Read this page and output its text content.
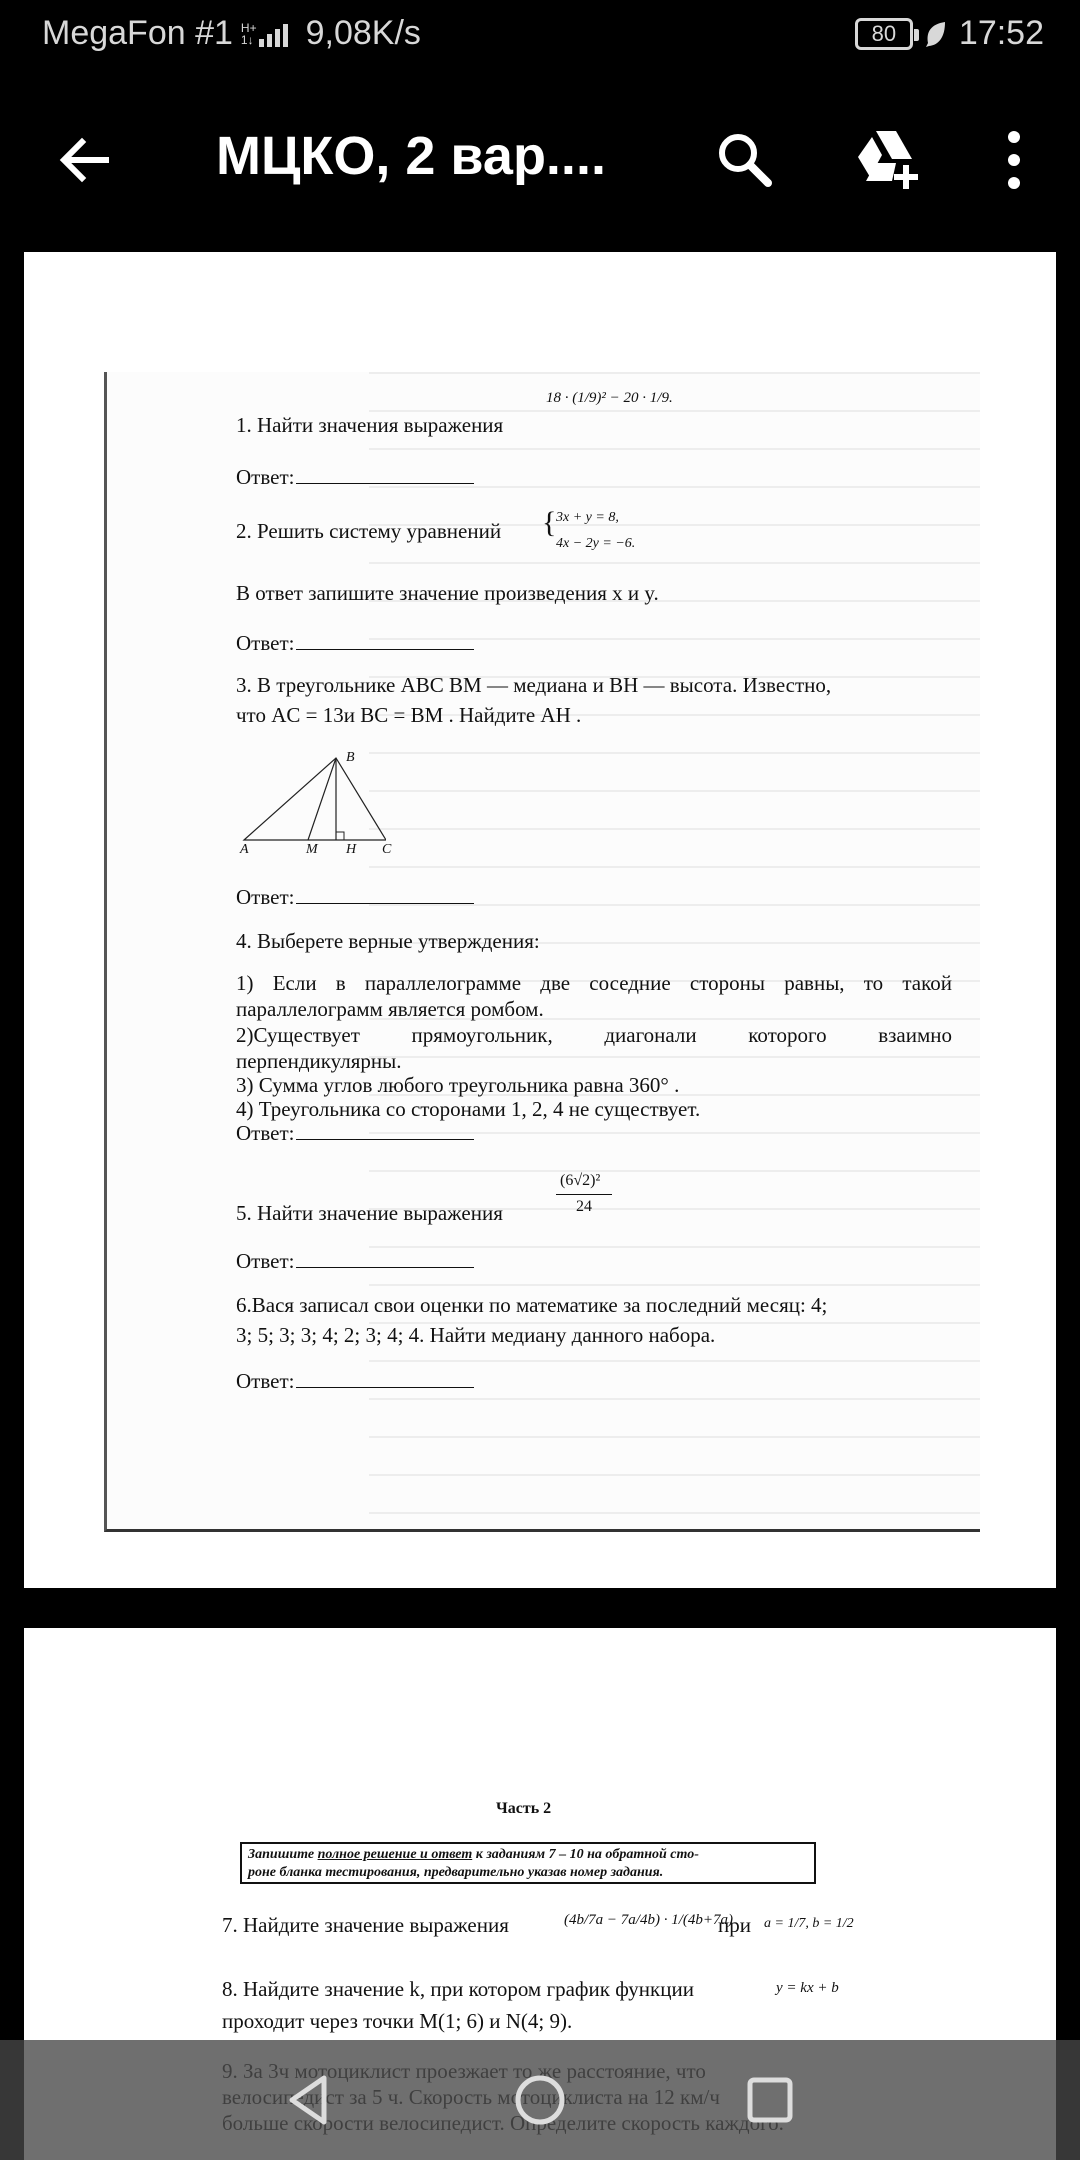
MegaFon #1 H+
1↓ 9,08K/s	80	17:52
МЦКО, 2 вар....
1. Найти значения выражения
18 · (1/9)² − 20 · 1/9.
Ответ:
2. Решить систему уравнений { 3x + y = 8,
4x − 2y = −6.
В ответ запишите значение произведения x и y.
Ответ:
3. В треугольнике ABC BM — медиана и BH — высота. Известно,
что AC = 13и BC = BM . Найдите AH .
B
A	M H C
Ответ:
4. Выберете верные утверждения:
1) Если в параллелограмме две соседние стороны равны, то такой
параллелограмм является ромбом.
2)Существует прямоугольник, диагонали которого взаимно
перпендикулярны.
3) Сумма углов любого треугольника равна 360° .
4) Треугольника со сторонами 1, 2, 4 не существует.
Ответ:
5. Найти значение выражения
(6√2)²
24
Ответ:
6.Вася записал свои оценки по математике за последний месяц: 4;
3; 5; 3; 3; 4; 2; 3; 4; 4. Найти медиану данного набора.
Ответ:
Часть 2
Запишите полное решение и ответ к заданиям 7 – 10 на обратной сто-
роне бланка тестирования, предварительно указав номер задания.
7. Найдите значение выражения	(4b/7a − 7a/4b) · 1/(4b+7a)
при a = 1/7, b = 1/2
8. Найдите значение k, при котором график функции	y = kx + b
проходит через точки M(1; 6) и N(4; 9).
